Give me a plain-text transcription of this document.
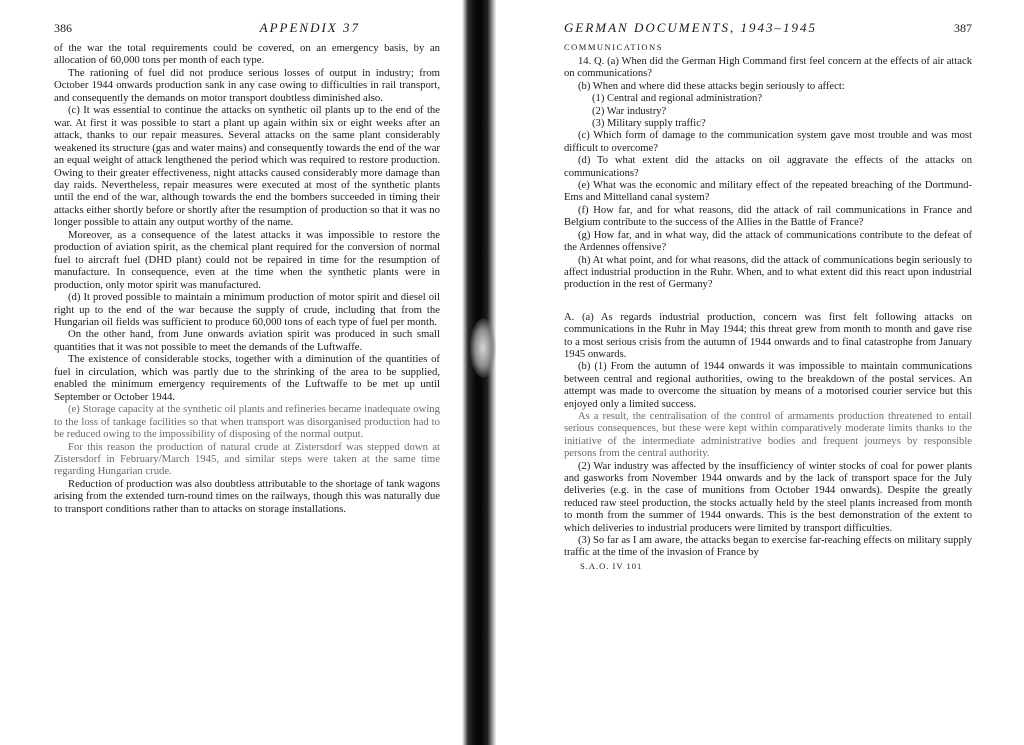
386	APPENDIX 37

of the war the total requirements could be covered, on an emergency basis, by an allocation of 60,000 tons per month of each type.

The rationing of fuel did not produce serious losses of output in industry; from October 1944 onwards production sank in any case owing to difficulties in rail transport, and consequently the demands on motor transport doubtless diminished also.

(c) It was essential to continue the attacks on synthetic oil plants up to the end of the war. At first it was possible to start a plant up again within six or eight weeks after an attack, thanks to our repair measures. Several attacks on the same plant considerably weakened its structure (gas and water mains) and consequently towards the end of the war an equal weight of attack lengthened the period which was required to restore production. Owing to their greater effectiveness, night attacks caused considerably more damage than day raids. Nevertheless, repair measures were executed at most of the synthetic plants until the end of the war, although towards the end the bombers succeeded in timing their attacks either shortly before or shortly after the resumption of production so that it was no longer possible to attain any output worthy of the name.

Moreover, as a consequence of the latest attacks it was impossible to restore the production of aviation spirit, as the chemical plant required for the conversion of normal fuel to aircraft fuel (DHD plant) could not be repaired in time for the resumption of manufacture. In consequence, even at the time when the synthetic plants were in production, only motor spirit was manufactured.

(d) It proved possible to maintain a minimum production of motor spirit and diesel oil right up to the end of the war because the supply of crude, including that from the Hungarian oil fields was sufficient to produce 60,000 tons of each type of fuel per month.

On the other hand, from June onwards aviation spirit was produced in such small quantities that it was not possible to meet the demands of the Luftwaffe.

The existence of considerable stocks, together with a diminution of the quantities of fuel in circulation, which was partly due to the shrinking of the area to be supplied, enabled the minimum emergency requirements of the Luftwaffe to be met up until September or October 1944.

(e) Storage capacity at the synthetic oil plants and refineries became inadequate owing to the loss of tankage facilities so that when transport was disorganised production had to be reduced owing to the impossibility of disposing of the normal output.

For this reason the production of natural crude at Zistersdorf was stepped down at Zistersdorf in February/March 1945, and similar steps were taken at the same time regarding Hungarian crude.

Reduction of production was also doubtless attributable to the shortage of tank wagons arising from the extended turn-round times on the railways, though this was naturally due to transport conditions rather than to attacks on storage installations.

GERMAN DOCUMENTS, 1943–1945	387
COMMUNICATIONS

14. Q. (a) When did the German High Command first feel concern at the effects of air attack on communications?

(b) When and where did these attacks begin seriously to affect:

(1) Central and regional administration?

(2) War industry?

(3) Military supply traffic?

(c) Which form of damage to the communication system gave most trouble and was most difficult to overcome?

(d) To what extent did the attacks on oil aggravate the effects of the attacks on communications?

(e) What was the economic and military effect of the repeated breaching of the Dortmund-Ems and Mittelland canal system?

(f) How far, and for what reasons, did the attack of rail communications in France and Belgium contribute to the success of the Allies in the Battle of France?

(g) How far, and in what way, did the attack of communications contribute to the defeat of the Ardennes offensive?

(h) At what point, and for what reasons, did the attack of communications begin seriously to affect industrial production in the Ruhr. When, and to what extent did this react upon industrial production in the rest of Germany?

A. (a) As regards industrial production, concern was first felt following attacks on communications in the Ruhr in May 1944; this threat grew from month to month and gave rise to a most serious crisis from the autumn of 1944 onwards and to final catastrophe from January 1945 onwards.

(b) (1) From the autumn of 1944 onwards it was impossible to maintain communications between central and regional authorities, owing to the breakdown of the postal services. An attempt was made to overcome the situation by means of a motorised courier service but this enjoyed only a limited success.

As a result, the centralisation of the control of armaments production threatened to entail serious consequences, but these were kept within comparatively moderate limits thanks to the initiative of the intermediate administrative bodies and frequent journeys by responsible persons from the central authority.

(2) War industry was affected by the insufficiency of winter stocks of coal for power plants and gasworks from November 1944 onwards and by the lack of transport space for the July deliveries (e.g. in the case of munitions from October 1944 onwards). Despite the greatly reduced raw steel production, the stocks actually held by the steel plants increased from month to month from the summer of 1944 onwards. This is the best demonstration of the extent to which deliveries to industrial producers were limited by transport difficulties.

(3) So far as I am aware, the attacks began to exercise far-reaching effects on military supply traffic at the time of the invasion of France by

S.A.O. IV 101
